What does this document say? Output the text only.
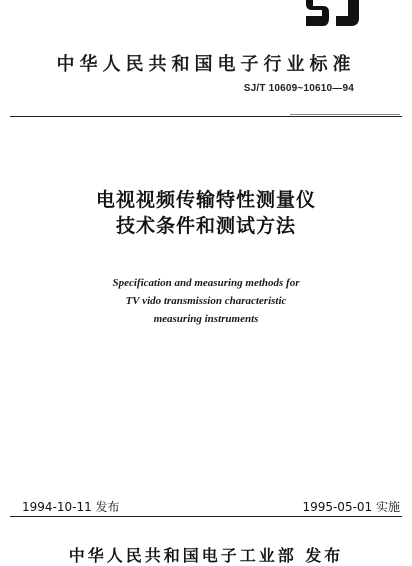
中华人民共和国电子行业标准
SJ/T 10609~10610—94
电视视频传输特性测量仪
技术条件和测试方法
Specification and measuring methods for
TV vido transmission characteristic
measuring instruments
1994-10-11 发布	1995-05-01 实施
中华人民共和国电子工业部 发布
